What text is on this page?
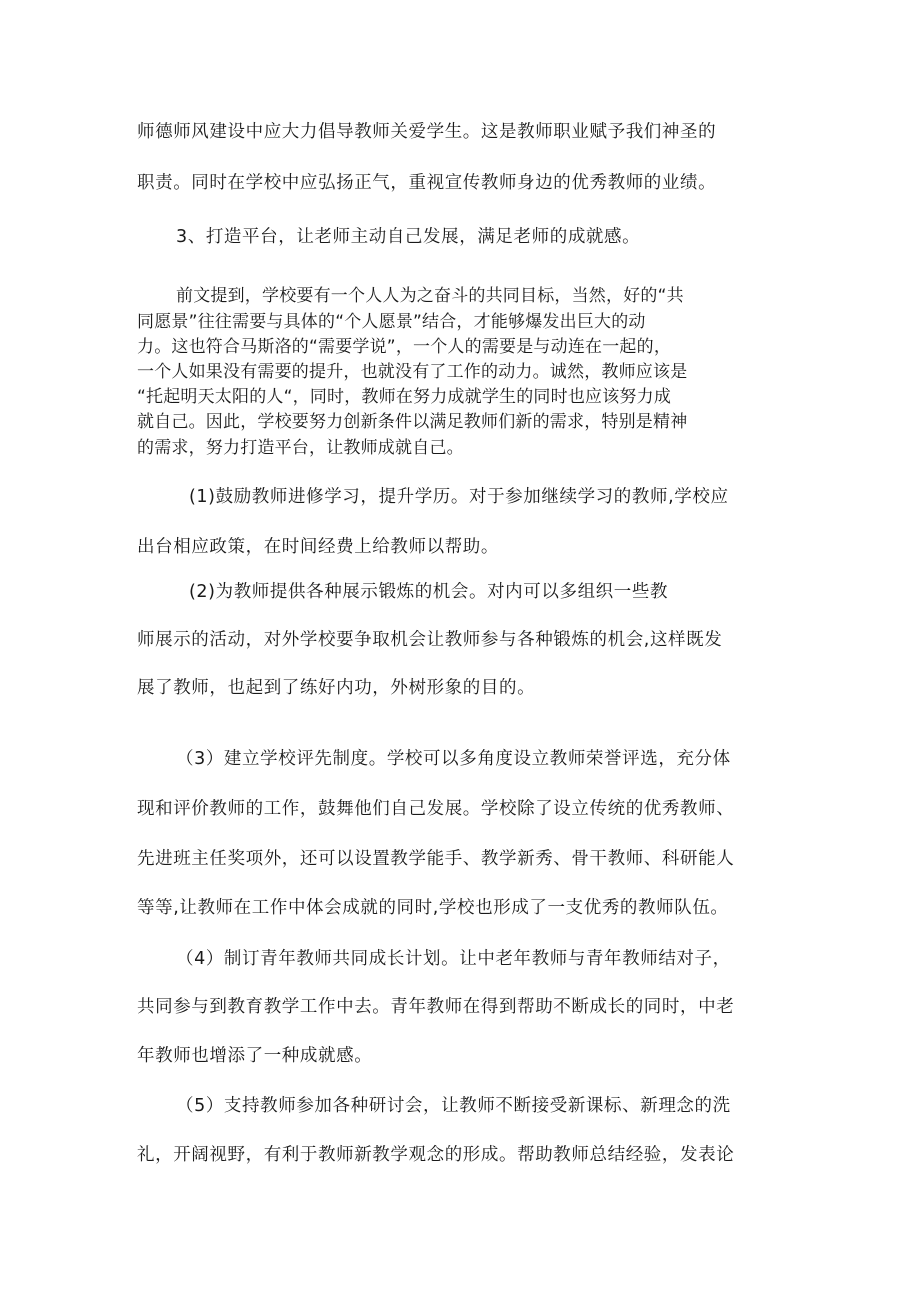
师德师风建设中应大力倡导教师关爱学生。这是教师职业赋予我们神圣的

职责。同时在学校中应弘扬正气，重视宣传教师身边的优秀教师的业绩。

3、打造平台，让老师主动自己发展，满足老师的成就感。

前文提到，学校要有一个人人为之奋斗的共同目标，当然，好的“共

同愿景”往往需要与具体的“个人愿景”结合，才能够爆发出巨大的动

力。这也符合马斯洛的“需要学说”，一个人的需要是与动连在一起的，

一个人如果没有需要的提升，也就没有了工作的动力。诚然，教师应该是

“托起明天太阳的人“，同时，教师在努力成就学生的同时也应该努力成

就自己。因此，学校要努力创新条件以满足教师们新的需求，特别是精神

的需求，努力打造平台，让教师成就自己。

(1)鼓励教师进修学习，提升学历。对于参加继续学习的教师,学校应

出台相应政策，在时间经费上给教师以帮助。

(2)为教师提供各种展示锻炼的机会。对内可以多组织一些教

师展示的活动，对外学校要争取机会让教师参与各种锻炼的机会,这样既发

展了教师，也起到了练好内功，外树形象的目的。

（3）建立学校评先制度。学校可以多角度设立教师荣誉评选，充分体

现和评价教师的工作，鼓舞他们自己发展。学校除了设立传统的优秀教师、

先进班主任奖项外，还可以设置教学能手、教学新秀、骨干教师、科研能人

等等,让教师在工作中体会成就的同时,学校也形成了一支优秀的教师队伍。

（4）制订青年教师共同成长计划。让中老年教师与青年教师结对子，

共同参与到教育教学工作中去。青年教师在得到帮助不断成长的同时，中老

年教师也增添了一种成就感。

（5）支持教师参加各种研讨会，让教师不断接受新课标、新理念的洗

礼，开阔视野，有利于教师新教学观念的形成。帮助教师总结经验，发表论
